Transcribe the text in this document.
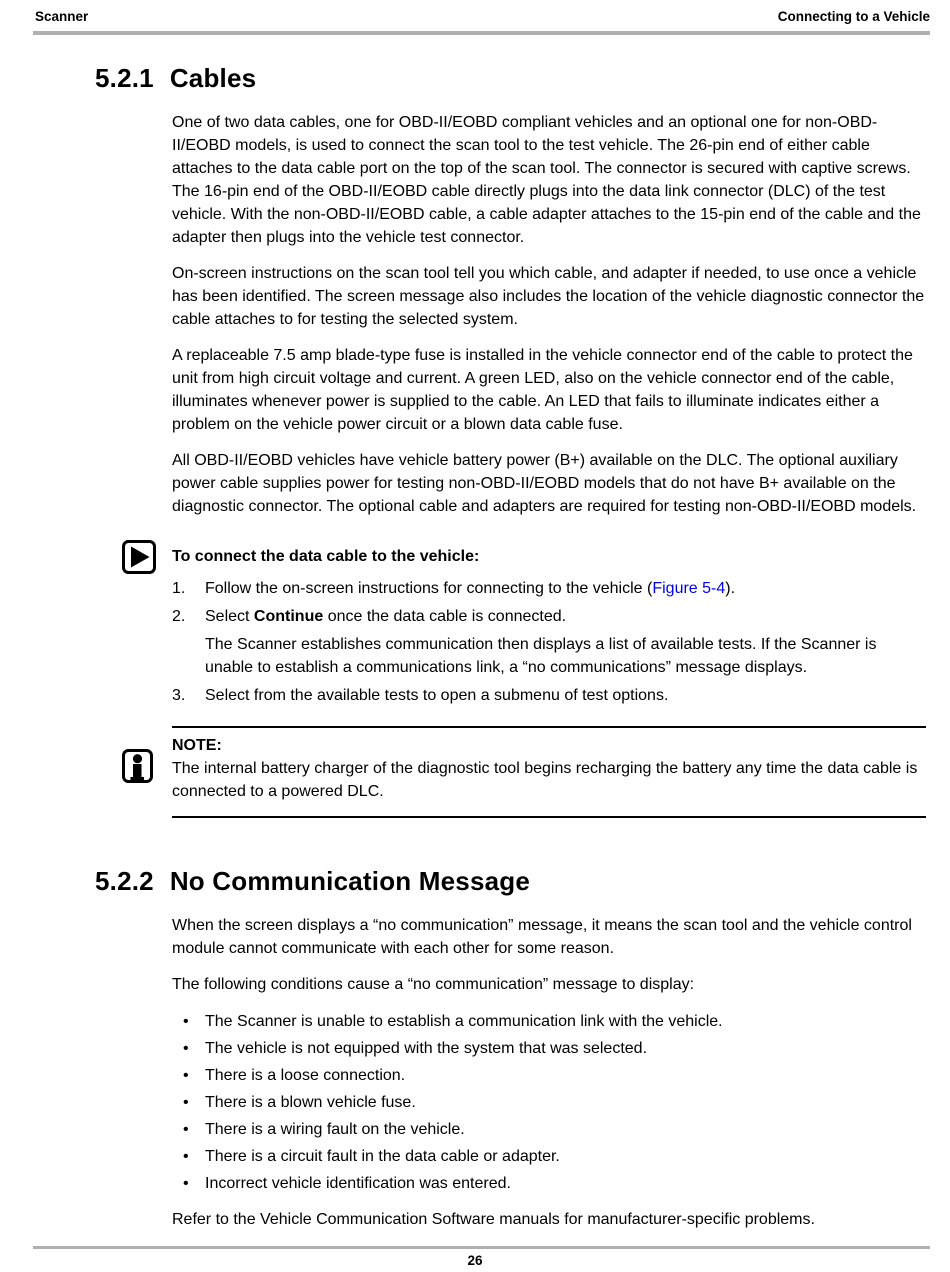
Scanner	Connecting to a Vehicle
5.2.1 Cables

One of two data cables, one for OBD-II/EOBD compliant vehicles and an optional one for non-OBD-II/EOBD models, is used to connect the scan tool to the test vehicle. The 26-pin end of either cable attaches to the data cable port on the top of the scan tool. The connector is secured with captive screws. The 16-pin end of the OBD-II/EOBD cable directly plugs into the data link connector (DLC) of the test vehicle. With the non-OBD-II/EOBD cable, a cable adapter attaches to the 15-pin end of the cable and the adapter then plugs into the vehicle test connector.

On-screen instructions on the scan tool tell you which cable, and adapter if needed, to use once a vehicle has been identified. The screen message also includes the location of the vehicle diagnostic connector the cable attaches to for testing the selected system.

A replaceable 7.5 amp blade-type fuse is installed in the vehicle connector end of the cable to protect the unit from high circuit voltage and current. A green LED, also on the vehicle connector end of the cable, illuminates whenever power is supplied to the cable. An LED that fails to illuminate indicates either a problem on the vehicle power circuit or a blown data cable fuse.

All OBD-II/EOBD vehicles have vehicle battery power (B+) available on the DLC. The optional auxiliary power cable supplies power for testing non-OBD-II/EOBD models that do not have B+ available on the diagnostic connector. The optional cable and adapters are required for testing non-OBD-II/EOBD models.

To connect the data cable to the vehicle:
1.	Follow the on-screen instructions for connecting to the vehicle (Figure 5-4).
2.	Select Continue once the data cable is connected.
The Scanner establishes communication then displays a list of available tests. If the Scanner is unable to establish a communications link, a “no communications” message displays.
3.	Select from the available tests to open a submenu of test options.
NOTE:
The internal battery charger of the diagnostic tool begins recharging the battery any time the data cable is connected to a powered DLC.
5.2.2 No Communication Message

When the screen displays a “no communication” message, it means the scan tool and the vehicle control module cannot communicate with each other for some reason.

The following conditions cause a “no communication” message to display:

•	The Scanner is unable to establish a communication link with the vehicle.
•	The vehicle is not equipped with the system that was selected.
•	There is a loose connection.
•	There is a blown vehicle fuse.
•	There is a wiring fault on the vehicle.
•	There is a circuit fault in the data cable or adapter.
•	Incorrect vehicle identification was entered.

Refer to the Vehicle Communication Software manuals for manufacturer-specific problems.

26
